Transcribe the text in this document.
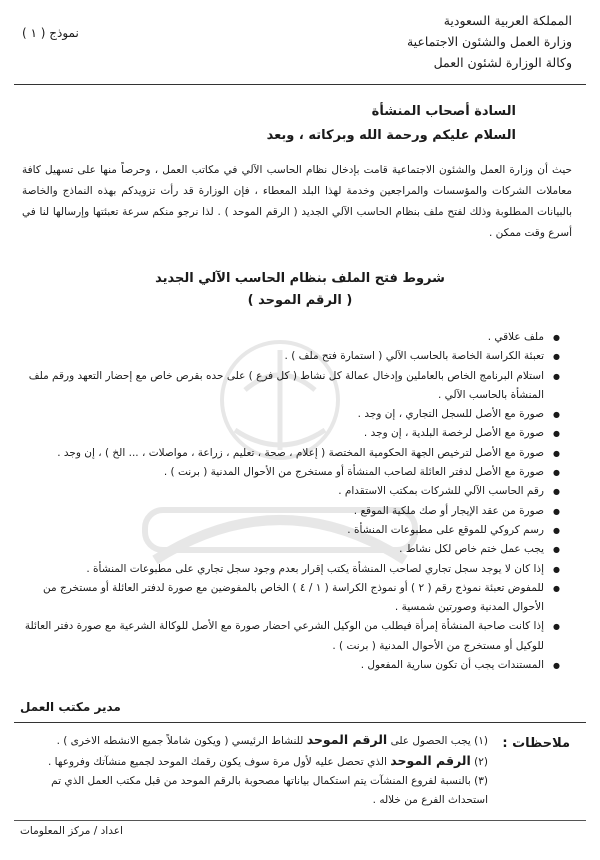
المملكة العربية السعودية
وزارة العمل والشئون الاجتماعية
وكالة الوزارة لشئون العمل
نموذج ( ١ )
السادة أصحاب المنشأة
السلام عليكم ورحمة الله وبركاته ، وبعد
حيث أن وزارة العمل والشئون الاجتماعية قامت بإدخال نظام الحاسب الآلي في مكاتب العمل ، وحرصاً منها على تسهيل كافة معاملات الشركات والمؤسسات والمراجعين وخدمة لهذا البلد المعطاء ، فإن الوزارة قد رأت تزويدكم بهذه النماذج والخاصة بالبيانات المطلوبة وذلك لفتح ملف بنظام الحاسب الآلي الجديد ( الرقم الموحد ) . لذا نرجو منكم سرعة تعبئتها وإرسالها لنا في أسرع وقت ممكن .
شروط فتح الملف بنظام الحاسب الآلي الجديد
( الرقم الموحد )
● ملف علاقي .
● تعبئة الكراسة الخاصة بالحاسب الآلي ( استمارة فتح ملف ) .
● استلام البرنامج الخاص بالعاملين وإدخال عمالة كل نشاط ( كل فرع ) على حده بقرص خاص مع إحضار التعهد ورقم ملف المنشأة بالحاسب الآلي .
● صورة مع الأصل للسجل التجاري ، إن وجد .
● صورة مع الأصل لرخصة البلدية ، إن وجد .
● صورة مع الأصل لترخيص الجهة الحكومية المختصة ( إعلام ، صحة ، تعليم ، زراعة ، مواصلات ، ... الخ ) ، إن وجد .
● صورة مع الأصل لدفتر العائلة لصاحب المنشأة أو مستخرج من الأحوال المدنية ( برنت ) .
● رقم الحاسب الآلي للشركات بمكتب الاستقدام .
● صورة من عقد الإيجار أو صك ملكية الموقع .
● رسم كروكي للموقع على مطبوعات المنشأة .
● يجب عمل ختم خاص لكل نشاط .
● إذا كان لا يوجد سجل تجاري لصاحب المنشأة يكتب إقرار بعدم وجود سجل تجاري على مطبوعات المنشأة .
● للمفوض تعبئة نموذج رقم ( ٢ ) أو نموذج الكراسة ( ١ / ٤ ) الخاص بالمفوضين مع صورة لدفتر العائلة أو مستخرج من الأحوال المدنية وصورتين شمسية .
● إذا كانت صاحبة المنشأة إمرأة فيطلب من الوكيل الشرعي احضار صورة مع الأصل للوكالة الشرعية مع صورة دفتر العائلة للوكيل أو مستخرج من الأحوال المدنية ( برنت ) .
● المستندات يجب أن تكون سارية المفعول .
مدير مكتب العمل
ملاحظات :
(١) يجب الحصول على الرقم الموحد للنشاط الرئيسي ( ويكون شاملاً جميع الانشطه الاخرى ) .
(٢) الرقم الموحد الذي تحصل عليه لأول مرة سوف يكون رقمك الموحد لجميع منشآتك وفروعها .
(٣) بالنسبة لفروع المنشآت يتم استكمال بياناتها مصحوبة بالرقم الموحد من قبل مكتب العمل الذي تم استحداث الفرع من خلاله .
اعداد / مركز المعلومات
